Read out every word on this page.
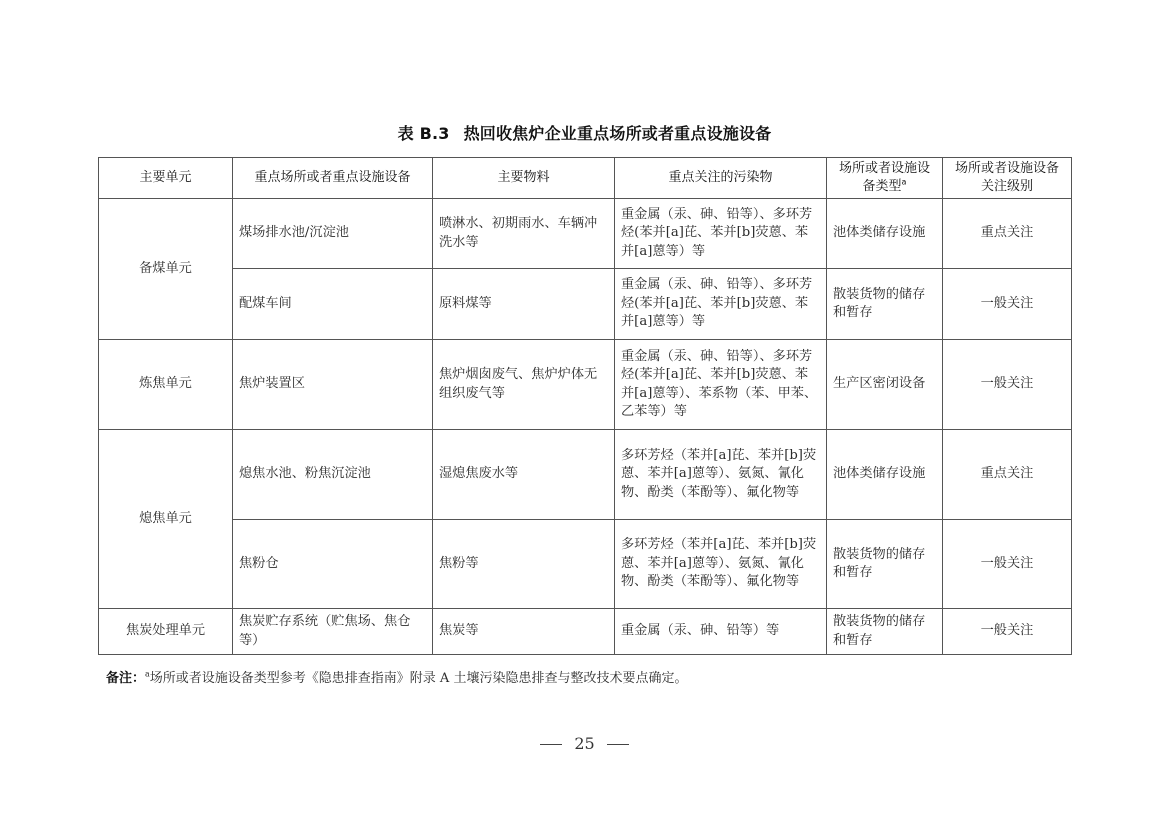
表 B.3 热回收焦炉企业重点场所或者重点设施设备
主要单元	重点场所或者重点设施设备	主要物料	重点关注的污染物	场所或者设施设备类型$^a$	场所或者设施设备关注级别
备煤单元	煤场排水池/沉淀池	喷淋水、初期雨水、车辆冲洗水等	重金属（汞、砷、铅等）、多环芳烃(苯并[a]芘、苯并[b]荧蒽、苯并[a]蒽等）等	池体类储存设施	重点关注
	配煤车间	原料煤等	重金属（汞、砷、铅等）、多环芳烃(苯并[a]芘、苯并[b]荧蒽、苯并[a]蒽等）等	散装货物的储存和暂存	一般关注
炼焦单元	焦炉装置区	焦炉烟囱废气、焦炉炉体无组织废气等	重金属（汞、砷、铅等）、多环芳烃(苯并[a]芘、苯并[b]荧蒽、苯并[a]蒽等）、苯系物（苯、甲苯、乙苯等）等	生产区密闭设备	一般关注
熄焦单元	熄焦水池、粉焦沉淀池	湿熄焦废水等	多环芳烃（苯并[a]芘、苯并[b]荧蒽、苯并[a]蒽等）、氨氮、氰化物、酚类（苯酚等）、氟化物等	池体类储存设施	重点关注
	焦粉仓	焦粉等	多环芳烃（苯并[a]芘、苯并[b]荧蒽、苯并[a]蒽等）、氨氮、氰化物、酚类（苯酚等）、氟化物等	散装货物的储存和暂存	一般关注
焦炭处理单元	焦炭贮存系统（贮焦场、焦仓等）	焦炭等	重金属（汞、砷、铅等）等	散装货物的储存和暂存	一般关注
备注：$^a$场所或者设施设备类型参考《隐患排查指南》附录 A 土壤污染隐患排查与整改技术要点确定。
25
